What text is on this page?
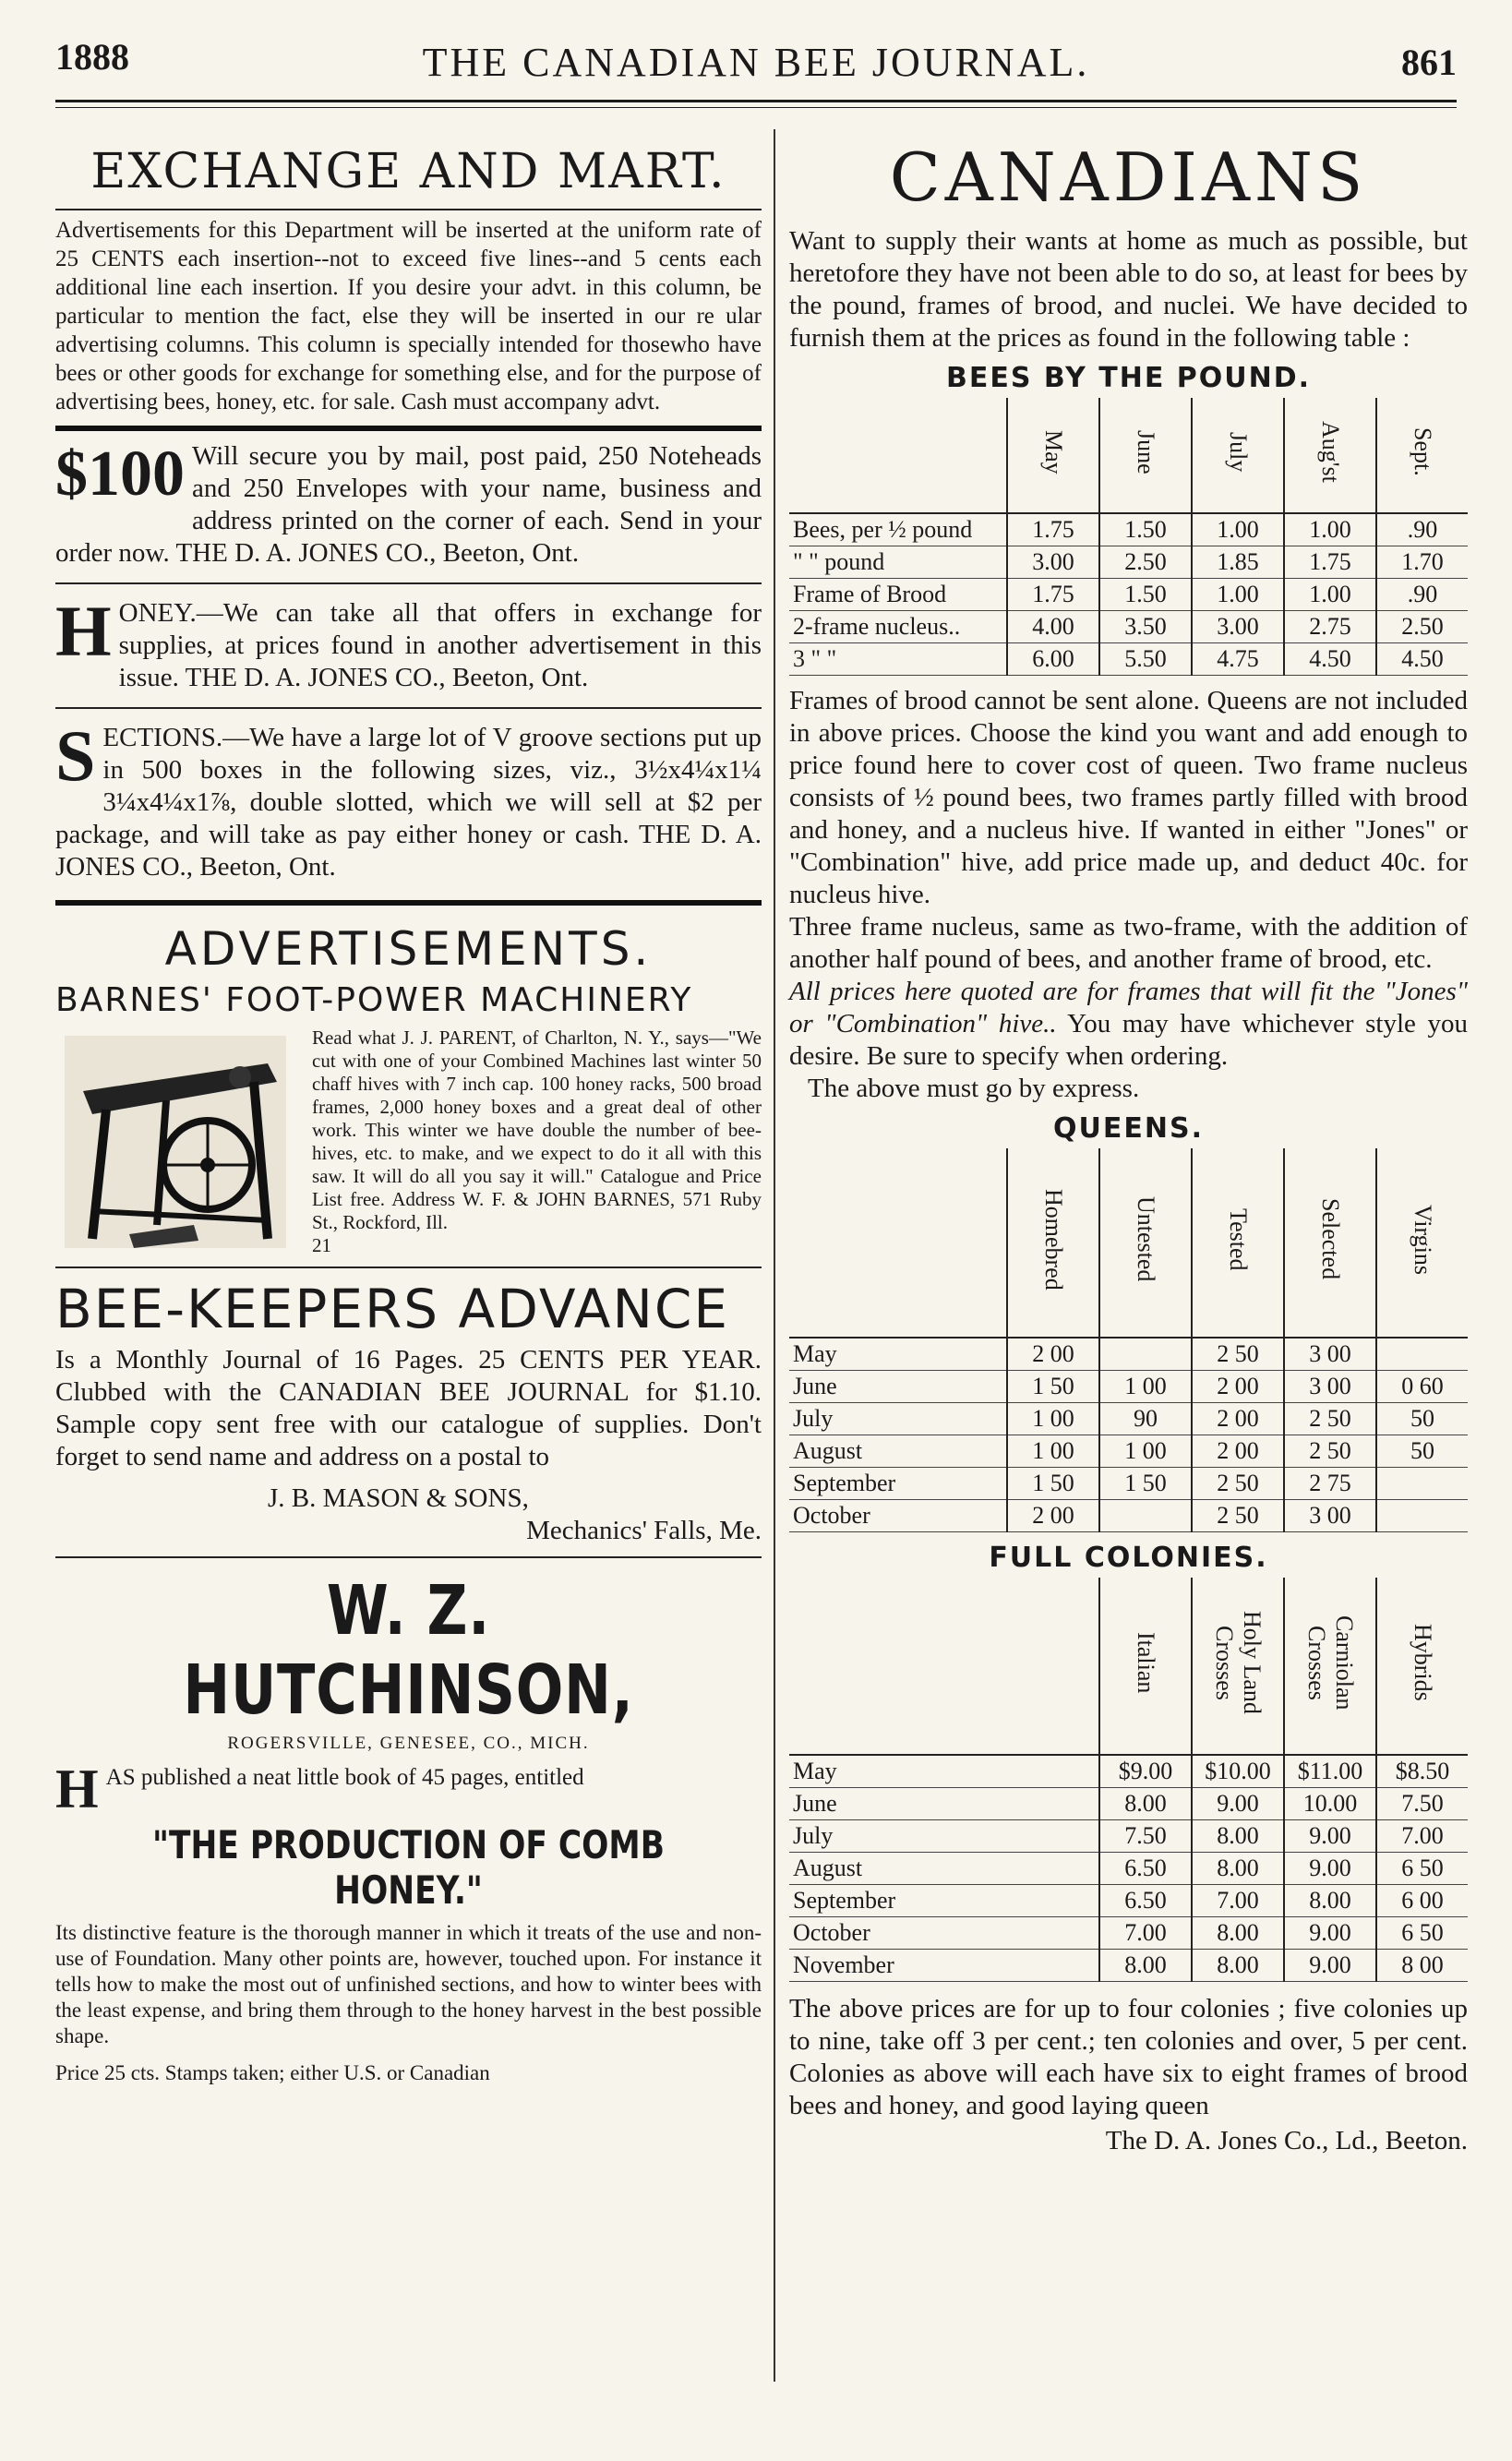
1888	THE CANADIAN BEE JOURNAL.	861
EXCHANGE AND MART.

Advertisements for this Department will be inserted at the uniform rate of 25 CENTS each insertion--not to exceed five lines--and 5 cents each additional line each insertion. If you desire your advt. in this column, be particular to mention the fact, else they will be inserted in our re ular advertising columns. This column is specially intended for thosewho have bees or other goods for exchange for something else, and for the purpose of advertising bees, honey, etc. for sale. Cash must accompany advt.

$100 Will secure you by mail, post paid, 250 Noteheads and 250 Envelopes with your name, business and address printed on the corner of each. Send in your order now. THE D. A. JONES CO., Beeton, Ont.

H ONEY.—We can take all that offers in exchange for supplies, at prices found in another advertisement in this issue. THE D. A. JONES CO., Beeton, Ont.

S ECTIONS.—We have a large lot of V groove sections put up in 500 boxes in the following sizes, viz., 3½x4¼x1¼ 3¼x4¼x1⅞, double slotted, which we will sell at $2 per package, and will take as pay either honey or cash. THE D. A. JONES CO., Beeton, Ont.

ADVERTISEMENTS.
BARNES' FOOT-POWER MACHINERY

Read what J. J. PARENT, of Charlton, N. Y., says—"We cut with one of your Combined Machines last winter 50 chaff hives with 7 inch cap. 100 honey racks, 500 broad frames, 2,000 honey boxes and a great deal of other work. This winter we have double the number of bee-hives, etc. to make, and we expect to do it all with this saw. It will do all you say it will." Catalogue and Price List free. Address W. F. & JOHN BARNES, 571 Ruby St., Rockford, Ill.

21
BEE-KEEPERS ADVANCE

Is a Monthly Journal of 16 Pages. 25 CENTS PER YEAR. Clubbed with the CANADIAN BEE JOURNAL for $1.10. Sample copy sent free with our catalogue of supplies. Don't forget to send name and address on a postal to

J. B. MASON & SONS,
Mechanics' Falls, Me.
W. Z. HUTCHINSON,
ROGERSVILLE, GENESEE, CO., MICH.
H AS published a neat little book of 45 pages, entitled

"THE PRODUCTION OF COMB HONEY."

Its distinctive feature is the thorough manner in which it treats of the use and non-use of Foundation. Many other points are, however, touched upon. For instance it tells how to make the most out of unfinished sections, and how to winter bees with the least expense, and bring them through to the honey harvest in the best possible shape.

Price 25 cts. Stamps taken; either U.S. or Canadian
CANADIANS

Want to supply their wants at home as much as possible, but heretofore they have not been able to do so, at least for bees by the pound, frames of brood, and nuclei. We have decided to furnish them at the prices as found in the following table :

BEES BY THE POUND.
	May	June	July	Aug'st	Sept.
Bees, per ½ pound	1.75	1.50	1.00	1.00	.90
" " pound	3.00	2.50	1.85	1.75	1.70
Frame of Brood	1.75	1.50	1.00	1.00	.90
2-frame nucleus..	4.00	3.50	3.00	2.75	2.50
3 " "	6.00	5.50	4.75	4.50	4.50

Frames of brood cannot be sent alone. Queens are not included in above prices. Choose the kind you want and add enough to price found here to cover cost of queen. Two frame nucleus consists of ½ pound bees, two frames partly filled with brood and honey, and a nucleus hive. If wanted in either "Jones" or "Combination" hive, add price made up, and deduct 40c. for nucleus hive.

Three frame nucleus, same as two-frame, with the addition of another half pound of bees, and another frame of brood, etc.

All prices here quoted are for frames that will fit the "Jones" or "Combination" hive.. You may have whichever style you desire. Be sure to specify when ordering.

The above must go by express.

QUEENS.
	Homebred	Untested	Tested	Selected	Virgins
May	2 00		2 50	3 00	
June	1 50	1 00	2 00	3 00	0 60
July	1 00	90	2 00	2 50	50
August	1 00	1 00	2 00	2 50	50
September	1 50	1 50	2 50	2 75	
October	2 00		2 50	3 00	
FULL COLONIES.
	Italian	Holy Land Crosses	Carniolan Crosses	Hybrids
May	$9.00	$10.00	$11.00	$8.50
June	8.00	9.00	10.00	7.50
July	7.50	8.00	9.00	7.00
August	6.50	8.00	9.00	6 50
September	6.50	7.00	8.00	6 00
October	7.00	8.00	9.00	6 50
November	8.00	8.00	9.00	8 00

The above prices are for up to four colonies ; five colonies up to nine, take off 3 per cent.; ten colonies and over, 5 per cent. Colonies as above will each have six to eight frames of brood bees and honey, and good laying queen

The D. A. Jones Co., Ld., Beeton.
